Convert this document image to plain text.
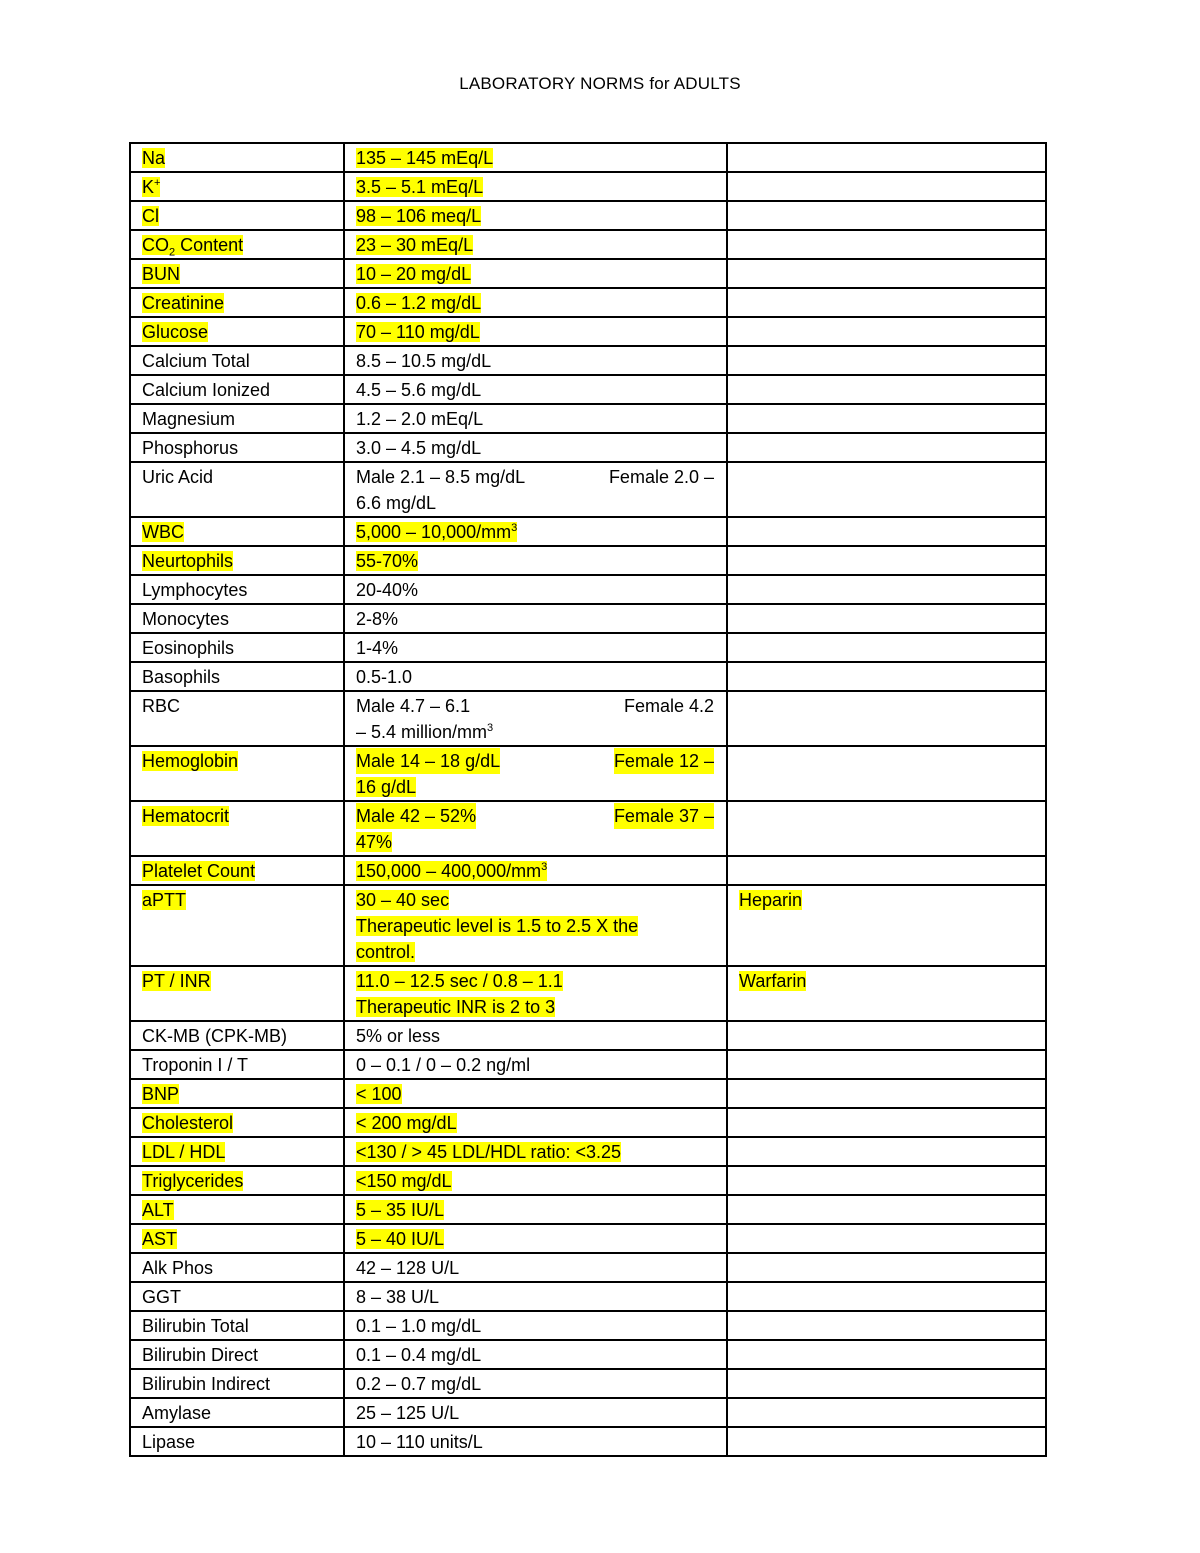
LABORATORY NORMS for ADULTS
Na	135 – 145 mEq/L	

K+	3.5 – 5.1 mEq/L	

Cl	98 – 106 meq/L	

$CO_2$ Content	23 – 30 mEq/L	

BUN	10 – 20 mg/dL	

Creatinine	0.6 – 1.2 mg/dL	

Glucose	70 – 110 mg/dL	

Calcium Total	8.5 – 10.5 mg/dL	

Calcium Ionized	4.5 – 5.6 mg/dL	

Magnesium	1.2 – 2.0 mEq/L	

Phosphorus	3.0 – 4.5 mg/dL	

Uric Acid	Male 2.1 – 8.5 mg/dL Female 2.0 –
6.6 mg/dL	

WBC	$5,000 - 10,000/mm^3$

Neurtophils	55-70%	

Lymphocytes	20-40%	

Monocytes	2-8%	

Eosinophils	1-4%	

Basophils	0.5-1.0	

RBC	Male 4.7 – 6.1 Female 4.2
– 5.4 million/$mm^3$

Hemoglobin	Male 14 – 18 g/dL Female 12 –
16 g/dL	

Hematocrit	Male 42 – 52% Female 37 –
47%	

Platelet Count	$150,000 - 400,000/mm^3$

aPTT	30 – 40 sec
Therapeutic level is 1.5 to 2.5 X the
control.	Heparin
PT / INR	11.0 – 12.5 sec / 0.8 – 1.1
Therapeutic INR is 2 to 3	Warfarin
CK-MB (CPK-MB)	5% or less	

Troponin I / T	0 – 0.1 / 0 – 0.2 ng/ml	

BNP	< 100	

Cholesterol	< 200 mg/dL	

LDL / HDL	<130 / > 45 LDL/HDL ratio: <3.25	

Triglycerides	<150 mg/dL	

ALT	5 – 35 IU/L	

AST	5 – 40 IU/L	

Alk Phos	42 – 128 U/L	

GGT	8 – 38 U/L	

Bilirubin Total	0.1 – 1.0 mg/dL	

Bilirubin Direct	0.1 – 0.4 mg/dL	

Bilirubin Indirect	0.2 – 0.7 mg/dL	

Amylase	25 – 125 U/L	

Lipase	10 – 110 units/L	
